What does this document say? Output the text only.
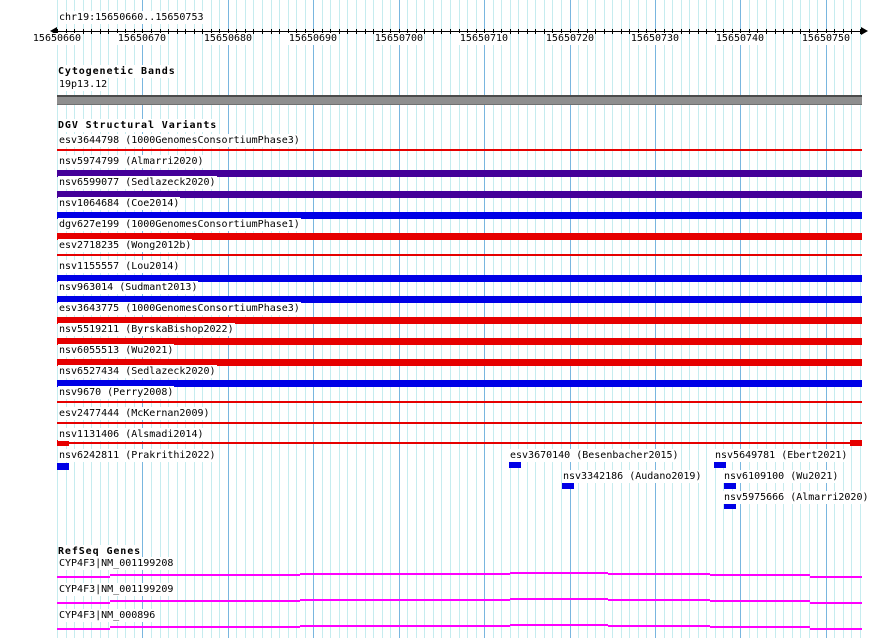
chr19:15650660..15650753
15650660	15650670	15650680	15650690	15650700	15650710	15650720	15650730	15650740	15650750
Cytogenetic Bands
19p13.12
DGV Structural Variants
esv3644798 (1000GenomesConsortiumPhase3)
nsv5974799 (Almarri2020)
nsv6599077 (Sedlazeck2020)
nsv1064684 (Coe2014)
dgv627e199 (1000GenomesConsortiumPhase1)
esv2718235 (Wong2012b)
nsv1155557 (Lou2014)
nsv963014 (Sudmant2013)
esv3643775 (1000GenomesConsortiumPhase3)
nsv5519211 (ByrskaBishop2022)
nsv6055513 (Wu2021)
nsv6527434 (Sedlazeck2020)
nsv9670 (Perry2008)
esv2477444 (McKernan2009)
nsv1131406 (Alsmadi2014)
nsv6242811 (Prakrithi2022)	esv3670140 (Besenbacher2015)	nsv5649781 (Ebert2021)
nsv3342186 (Audano2019) nsv6109100 (Wu2021)
nsv5975666 (Almarri2020)
RefSeq Genes
CYP4F3|NM_001199208
CYP4F3|NM_001199209
CYP4F3|NM_000896
